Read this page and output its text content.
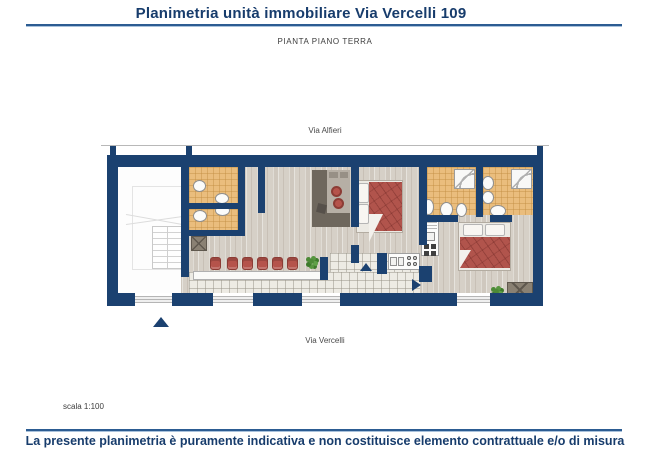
Planimetria unità immobiliare Via Vercelli 109
PIANTA PIANO TERRA
Via Alfieri
Via Vercelli
scala 1:100
La presente planimetria è puramente indicativa e non costituisce elemento contrattuale e/o di misura
